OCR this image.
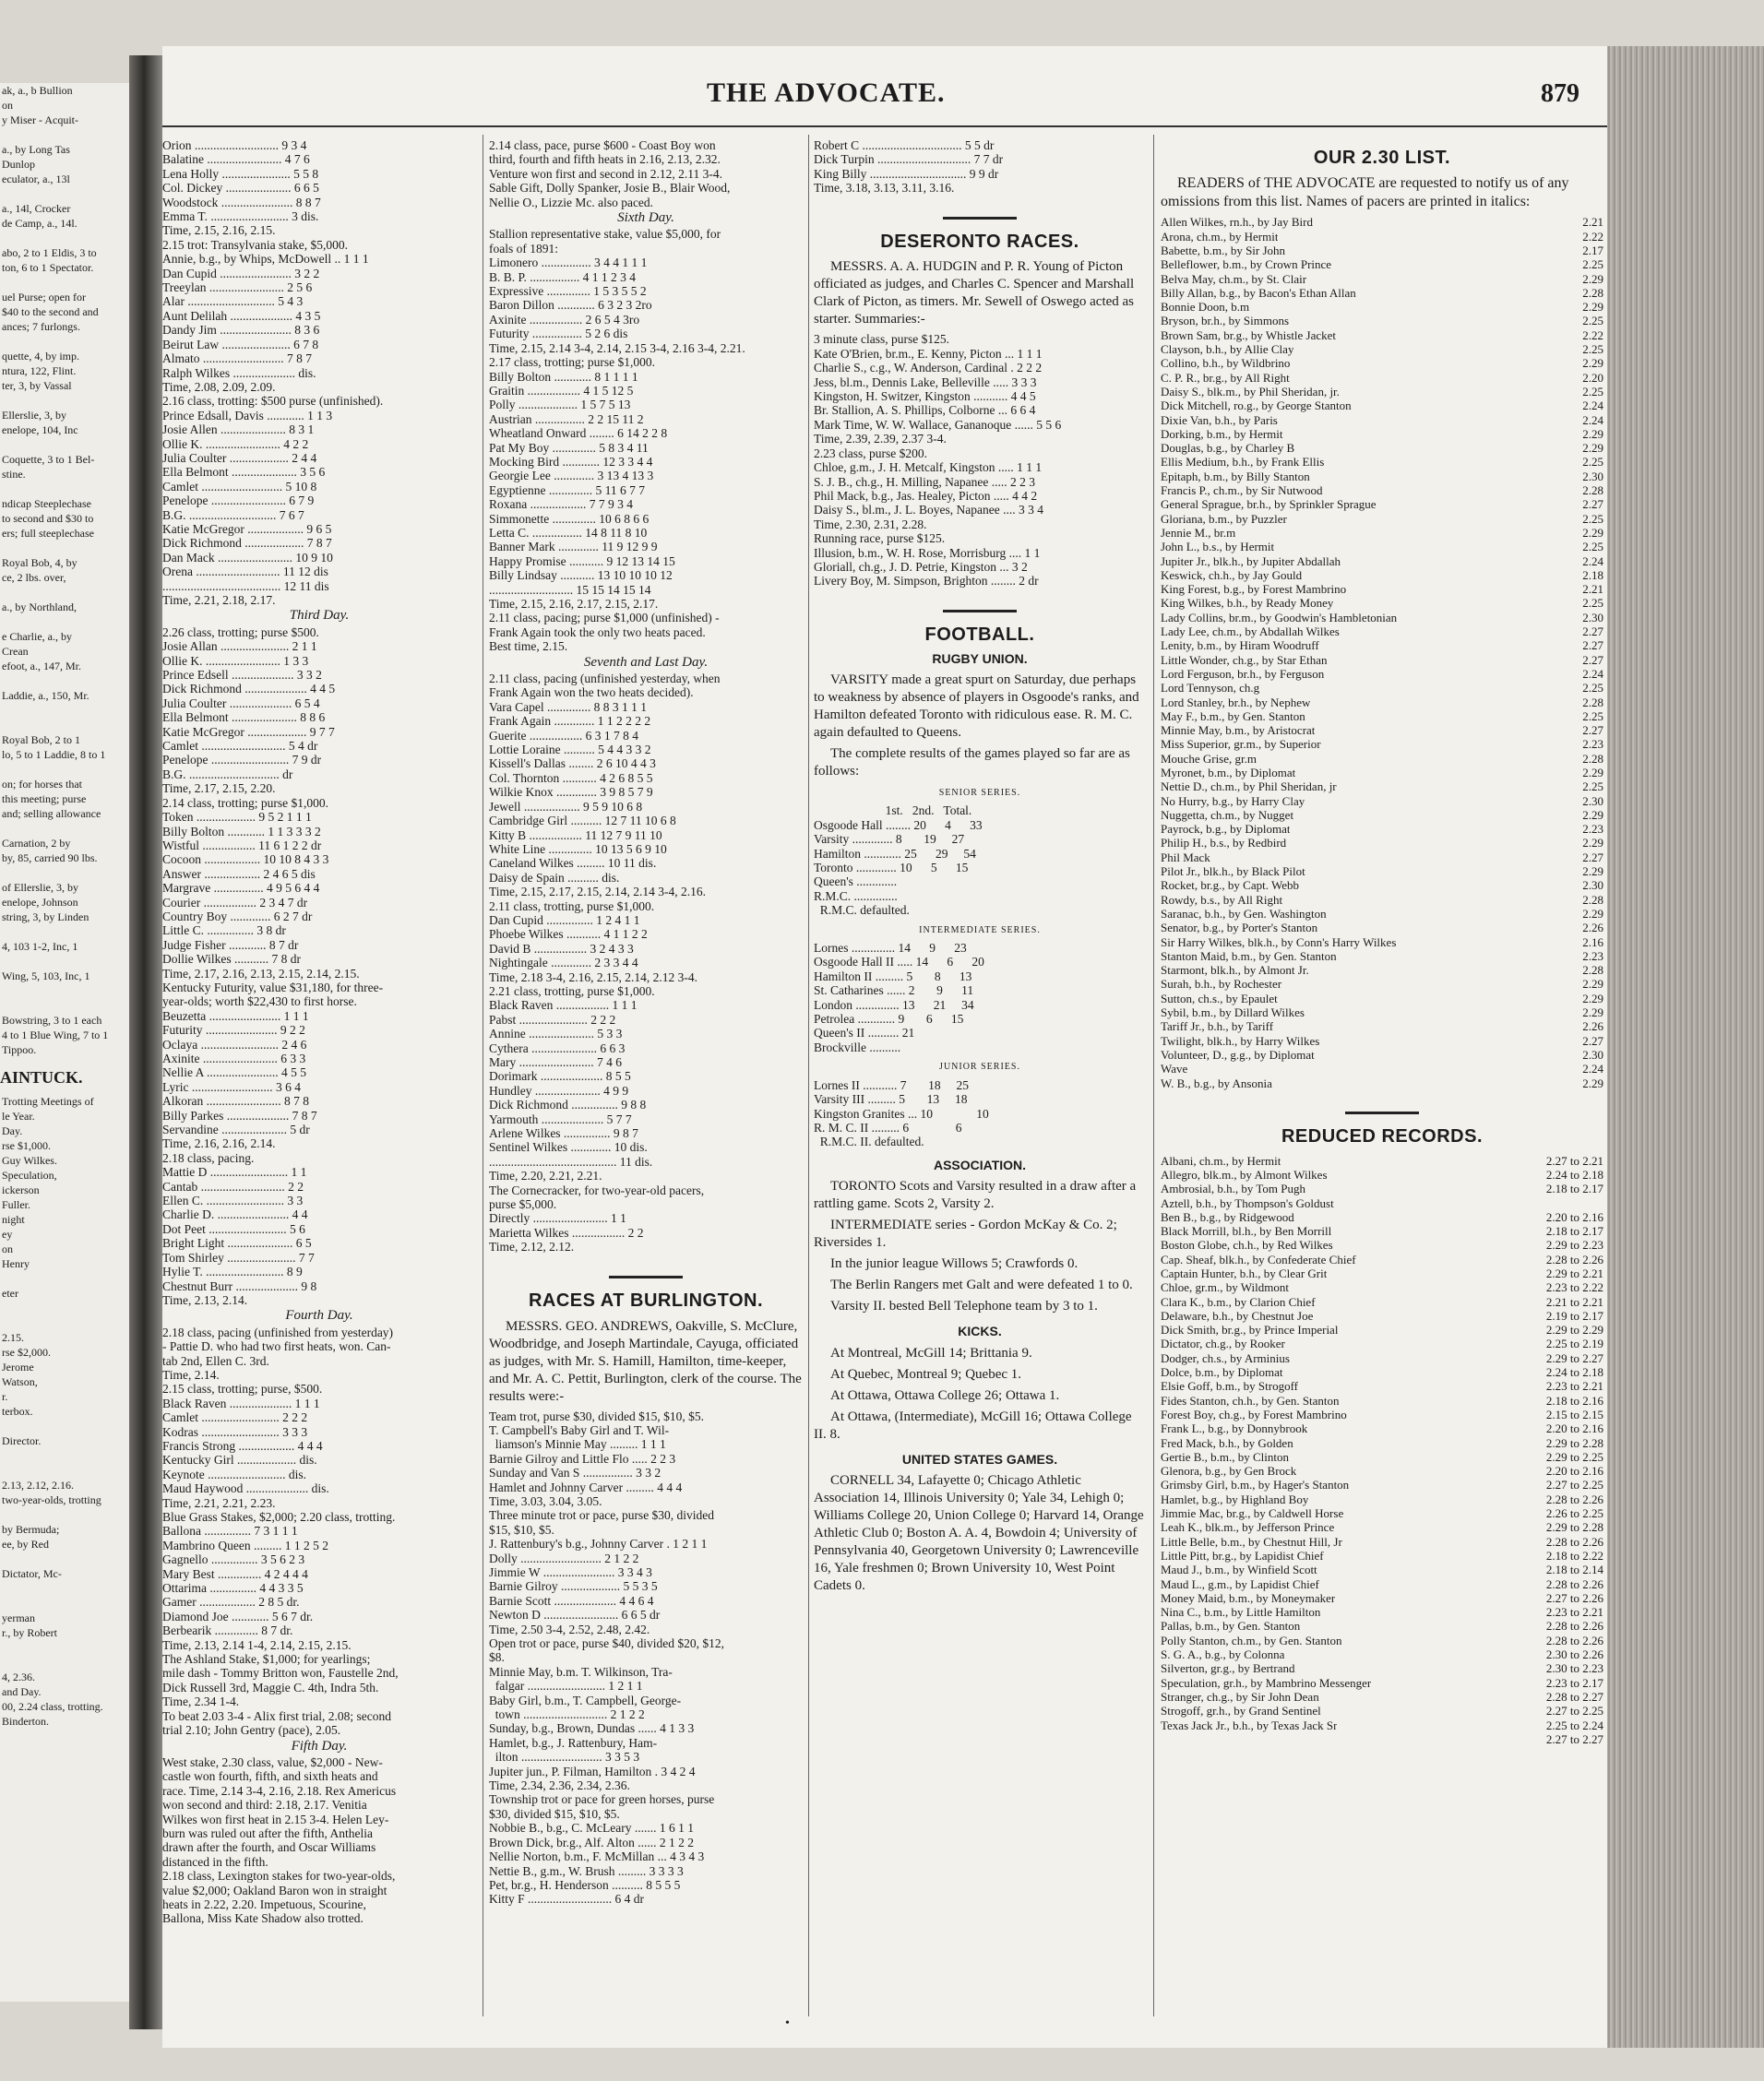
ak, a., b Bullion
on
y Miser - Acquit-

a., by Long Tas
Dunlop
eculator, a., 13l

a., 14l, Crocker
de Camp, a., 14l.

abo, 2 to 1 Eldis, 3 to
ton, 6 to 1 Spectator.

uel Purse; open for
$40 to the second and
ances; 7 furlongs.

quette, 4, by imp.
ntura, 122, Flint.
ter, 3, by Vassal

Ellerslie, 3, by
enelope, 104, Inc

Coquette, 3 to 1 Bel-
stine.

ndicap Steeplechase
to second and $30 to
ers; full steeplechase

Royal Bob, 4, by
ce, 2 lbs. over,

a., by Northland,

e Charlie, a., by
Crean
efoot, a., 147, Mr.

Laddie, a., 150, Mr.

Royal Bob, 2 to 1
lo, 5 to 1 Laddie, 8 to 1

on; for horses that
this meeting; purse
and; selling allowance

Carnation, 2 by
by, 85, carried 90 lbs.

of Ellerslie, 3, by
enelope, Johnson
string, 3, by Linden

4, 103 1-2, Inc, 1

Wing, 5, 103, Inc, 1

Bowstring, 3 to 1 each
4 to 1 Blue Wing, 7 to 1
Tippoo.
AINTUCK.
Trotting Meetings of
le Year.
Day.
rse $1,000.
Guy Wilkes.
Speculation,
ickerson
Fuller.
night
ey
on
Henry

eter

2.15.
rse $2,000.
Jerome
Watson,
r.
terbox.

Director.

2.13, 2.12, 2.16.
two-year-olds, trotting

by Bermuda;
ee, by Red

Dictator, Mc-

yerman
r., by Robert

4, 2.36.
and Day.
00, 2.24 class, trotting.
Binderton.
THE ADVOCATE.	879
Orion ........................... 9 3 4
Balatine ........................ 4 7 6
Lena Holly ...................... 5 5 8
Col. Dickey ..................... 6 6 5
Woodstock ....................... 8 8 7
Emma T. ......................... 3 dis.
Time, 2.15, 2.16, 2.15.
2.15 trot: Transylvania stake, $5,000.
Annie, b.g., by Whips, McDowell .. 1 1 1
Dan Cupid ....................... 3 2 2
Treeylan ........................ 2 5 6
Alar ............................ 5 4 3
Aunt Delilah .................... 4 3 5
Dandy Jim ....................... 8 3 6
Beirut Law ...................... 6 7 8
Almato .......................... 7 8 7
Ralph Wilkes .................... dis.
Time, 2.08, 2.09, 2.09.
2.16 class, trotting: $500 purse (unfinished).
Prince Edsall, Davis ............ 1 1 3
Josie Allen ..................... 8 3 1
Ollie K. ........................ 4 2 2
Julia Coulter ................... 2 4 4
Ella Belmont ..................... 3 5 6
Camlet .......................... 5 10 8
Penelope ........................ 6 7 9
B.G. ............................ 7 6 7
Katie McGregor .................. 9 6 5
Dick Richmond ................... 7 8 7
Dan Mack ........................ 10 9 10
Orena ........................... 11 12 dis
...................................... 12 11 dis
Time, 2.21, 2.18, 2.17.
Third Day.
2.26 class, trotting; purse $500.
Josie Allan ...................... 2 1 1
Ollie K. ........................ 1 3 3
Prince Edsell .................... 3 3 2
Dick Richmond .................... 4 4 5
Julia Coulter .................... 6 5 4
Ella Belmont ..................... 8 8 6
Katie McGregor ................... 9 7 7
Camlet ........................... 5 4 dr
Penelope ......................... 7 9 dr
B.G. ............................. dr
Time, 2.17, 2.15, 2.20.
2.14 class, trotting; purse $1,000.
Token ................... 9 5 2 1 1 1
Billy Bolton ............ 1 1 3 3 3 2
Wistful ................. 11 6 1 2 2 dr
Cocoon .................. 10 10 8 4 3 3
Answer .................. 2 4 6 5 dis
Margrave ................ 4 9 5 6 4 4
Courier ................. 2 3 4 7 dr
Country Boy ............. 6 2 7 dr
Little C. ............... 3 8 dr
Judge Fisher ............ 8 7 dr
Dollie Wilkes ........... 7 8 dr
Time, 2.17, 2.16, 2.13, 2.15, 2.14, 2.15.
Kentucky Futurity, value $31,180, for three-
year-olds; worth $22,430 to first horse.
Beuzetta ....................... 1 1 1
Futurity ....................... 9 2 2
Oclaya ......................... 2 4 6
Axinite ........................ 6 3 3
Nellie A ....................... 4 5 5
Lyric .......................... 3 6 4
Alkoran ........................ 8 7 8
Billy Parkes .................... 7 8 7
Servandine ..................... 5 dr
Time, 2.16, 2.16, 2.14.
2.18 class, pacing.
Mattie D ......................... 1 1
Cantab ........................... 2 2
Ellen C. ......................... 3 3
Charlie D. ....................... 4 4
Dot Peet ......................... 5 6
Bright Light ..................... 6 5
Tom Shirley ...................... 7 7
Hylie T. ......................... 8 9
Chestnut Burr .................... 9 8
Time, 2.13, 2.14.
Fourth Day.
2.18 class, pacing (unfinished from yesterday)
- Pattie D. who had two first heats, won. Can-
tab 2nd, Ellen C. 3rd.
Time, 2.14.
2.15 class, trotting; purse, $500.
Black Raven .................... 1 1 1
Camlet ......................... 2 2 2
Kodras ......................... 3 3 3
Francis Strong .................. 4 4 4
Kentucky Girl ................... dis.
Keynote ......................... dis.
Maud Haywood .................... dis.
Time, 2.21, 2.21, 2.23.
Blue Grass Stakes, $2,000; 2.20 class, trotting.
Ballona ............... 7 3 1 1 1
Mambrino Queen ......... 1 1 2 5 2
Gagnello ............... 3 5 6 2 3
Mary Best .............. 4 2 4 4 4
Ottarima ............... 4 4 3 3 5
Gamer .................. 2 8 5 dr.
Diamond Joe ............ 5 6 7 dr.
Berbearik .............. 8 7 dr.
Time, 2.13, 2.14 1-4, 2.14, 2.15, 2.15.
The Ashland Stake, $1,000; for yearlings;
mile dash - Tommy Britton won, Faustelle 2nd,
Dick Russell 3rd, Maggie C. 4th, Indra 5th.
Time, 2.34 1-4.
To beat 2.03 3-4 - Alix first trial, 2.08; second
trial 2.10; John Gentry (pace), 2.05.
Fifth Day.
West stake, 2.30 class, value, $2,000 - New-
castle won fourth, fifth, and sixth heats and
race. Time, 2.14 3-4, 2.16, 2.18. Rex Americus
won second and third: 2.18, 2.17. Venitia
Wilkes won first heat in 2.15 3-4. Helen Ley-
burn was ruled out after the fifth, Anthelia
drawn after the fourth, and Oscar Williams
distanced in the fifth.
2.18 class, Lexington stakes for two-year-olds,
value $2,000; Oakland Baron won in straight
heats in 2.22, 2.20. Impetuous, Scourine,
Ballona, Miss Kate Shadow also trotted.
2.14 class, pace, purse $600 - Coast Boy won
third, fourth and fifth heats in 2.16, 2.13, 2.32.
Venture won first and second in 2.12, 2.11 3-4.
Sable Gift, Dolly Spanker, Josie B., Blair Wood,
Nellie O., Lizzie Mc. also paced.
Sixth Day.
Stallion representative stake, value $5,000, for
foals of 1891:
Limonero ................ 3 4 4 1 1 1
B. B. P. ................ 4 1 1 2 3 4
Expressive .............. 1 5 3 5 5 2
Baron Dillon ............ 6 3 2 3 2ro
Axinite ................. 2 6 5 4 3ro
Futurity ................ 5 2 6 dis
Time, 2.15, 2.14 3-4, 2.14, 2.15 3-4, 2.16 3-4, 2.21.
2.17 class, trotting; purse $1,000.
Billy Bolton ............ 8 1 1 1 1
Graitin ................. 4 1 5 12 5
Polly ................... 1 5 7 5 13
Austrian ................ 2 2 15 11 2
Wheatland Onward ........ 6 14 2 2 8
Pat My Boy .............. 5 8 3 4 11
Mocking Bird ............ 12 3 3 4 4
Georgie Lee ............. 3 13 4 13 3
Egyptienne .............. 5 11 6 7 7
Roxana .................. 7 7 9 3 4
Simmonette .............. 10 6 8 6 6
Letta C. ................ 14 8 11 8 10
Banner Mark ............. 11 9 12 9 9
Happy Promise ........... 9 12 13 14 15
Billy Lindsay ........... 13 10 10 10 12
........................... 15 15 14 15 14
Time, 2.15, 2.16, 2.17, 2.15, 2.17.
2.11 class, pacing; purse $1,000 (unfinished) -
Frank Again took the only two heats paced.
Best time, 2.15.
Seventh and Last Day.
2.11 class, pacing (unfinished yesterday, when
Frank Again won the two heats decided).
Vara Capel .............. 8 8 3 1 1 1
Frank Again ............. 1 1 2 2 2 2
Guerite ................. 6 3 1 7 8 4
Lottie Loraine .......... 5 4 4 3 3 2
Kissell's Dallas ........ 2 6 10 4 4 3
Col. Thornton ........... 4 2 6 8 5 5
Wilkie Knox ............. 3 9 8 5 7 9
Jewell .................. 9 5 9 10 6 8
Cambridge Girl .......... 12 7 11 10 6 8
Kitty B ................. 11 12 7 9 11 10
White Line .............. 10 13 5 6 9 10
Caneland Wilkes ......... 10 11 dis.
Daisy de Spain .......... dis.
Time, 2.15, 2.17, 2.15, 2.14, 2.14 3-4, 2.16.
2.11 class, trotting, purse $1,000.
Dan Cupid ............... 1 2 4 1 1
Phoebe Wilkes ........... 4 1 1 2 2
David B ................. 3 2 4 3 3
Nightingale ............. 2 3 3 4 4
Time, 2.18 3-4, 2.16, 2.15, 2.14, 2.12 3-4.
2.21 class, trotting, purse $1,000.
Black Raven ................. 1 1 1
Pabst ...................... 2 2 2
Annine ..................... 5 3 3
Cythera ..................... 6 6 3
Mary ........................ 7 4 6
Dorimark .................... 8 5 5
Hundley ..................... 4 9 9
Dick Richmond ............... 9 8 8
Yarmouth .................... 5 7 7
Arlene Wilkes ............... 9 8 7
Sentinel Wilkes ............. 10 dis.
......................................... 11 dis.
Time, 2.20, 2.21, 2.21.
The Cornecracker, for two-year-old pacers,
purse $5,000.
Directly ........................ 1 1
Marietta Wilkes ................. 2 2
Time, 2.12, 2.12.
RACES AT BURLINGTON.
MESSRS. GEO. ANDREWS, Oakville, S. McClure, Woodbridge, and Joseph Martindale, Cayuga, officiated as judges, with Mr. S. Hamill, Hamilton, time-keeper, and Mr. A. C. Pettit, Burlington, clerk of the course. The results were:-
Team trot, purse $30, divided $15, $10, $5.
T. Campbell's Baby Girl and T. Wil-
liamson's Minnie May ......... 1 1 1
Barnie Gilroy and Little Flo ..... 2 2 3
Sunday and Van S ................ 3 3 2
Hamlet and Johnny Carver ......... 4 4 4
Time, 3.03, 3.04, 3.05.
Three minute trot or pace, purse $30, divided
$15, $10, $5.
J. Rattenbury's b.g., Johnny Carver . 1 2 1 1
Dolly .......................... 2 1 2 2
Jimmie W ....................... 3 3 4 3
Barnie Gilroy ................... 5 5 3 5
Barnie Scott .................... 4 4 6 4
Newton D ........................ 6 6 5 dr
Time, 2.50 3-4, 2.52, 2.48, 2.42.
Open trot or pace, purse $40, divided $20, $12,
$8.
Minnie May, b.m. T. Wilkinson, Tra-
falgar ......................... 1 2 1 1
Baby Girl, b.m., T. Campbell, George-
town ........................... 2 1 2 2
Sunday, b.g., Brown, Dundas ...... 4 1 3 3
Hamlet, b.g., J. Rattenbury, Ham-
ilton .......................... 3 3 5 3
Jupiter jun., P. Filman, Hamilton . 3 4 2 4
Time, 2.34, 2.36, 2.34, 2.36.
Township trot or pace for green horses, purse
$30, divided $15, $10, $5.
Nobbie B., b.g., C. McLeary ....... 1 6 1 1
Brown Dick, br.g., Alf. Alton ...... 2 1 2 2
Nellie Norton, b.m., F. McMillan ... 4 3 4 3
Nettie B., g.m., W. Brush ......... 3 3 3 3
Pet, br.g., H. Henderson .......... 8 5 5 5
Kitty F ........................... 6 4 dr
Robert C ................................ 5 5 dr
Dick Turpin .............................. 7 7 dr
King Billy ............................... 9 9 dr
Time, 3.18, 3.13, 3.11, 3.16.
DESERONTO RACES.
MESSRS. A. A. HUDGIN and P. R. Young of Picton officiated as judges, and Charles C. Spencer and Marshall Clark of Picton, as timers. Mr. Sewell of Oswego acted as starter. Summaries:-
3 minute class, purse $125.
Kate O'Brien, br.m., E. Kenny, Picton ... 1 1 1
Charlie S., c.g., W. Anderson, Cardinal . 2 2 2
Jess, bl.m., Dennis Lake, Belleville ..... 3 3 3
Kingston, H. Switzer, Kingston ........... 4 4 5
Br. Stallion, A. S. Phillips, Colborne ... 6 6 4
Mark Time, W. W. Wallace, Gananoque ...... 5 5 6
Time, 2.39, 2.39, 2.37 3-4.
2.23 class, purse $200.
Chloe, g.m., J. H. Metcalf, Kingston ..... 1 1 1
S. J. B., ch.g., H. Milling, Napanee ..... 2 2 3
Phil Mack, b.g., Jas. Healey, Picton ..... 4 4 2
Daisy S., bl.m., J. L. Boyes, Napanee .... 3 3 4
Time, 2.30, 2.31, 2.28.
Running race, purse $125.
Illusion, b.m., W. H. Rose, Morrisburg .... 1 1
Gloriall, ch.g., J. D. Petrie, Kingston ... 3 2
Livery Boy, M. Simpson, Brighton ........ 2 dr
FOOTBALL.
RUGBY UNION.
VARSITY made a great spurt on Saturday, due perhaps to weakness by absence of players in Osgoode's ranks, and Hamilton defeated Toronto with ridiculous ease. R. M. C. again defaulted to Queens.
The complete results of the games played so far are as follows:
SENIOR SERIES.
1st.   2nd.   Total.
Osgoode Hall ........ 20      4      33
Varsity ............. 8       19     27
Hamilton ............ 25      29     54
Toronto ............. 10      5      15
Queen's .............
R.M.C. ..............
R.M.C. defaulted.
INTERMEDIATE SERIES.
Lornes .............. 14      9      23
Osgoode Hall II ..... 14      6      20
Hamilton II ......... 5       8      13
St. Catharines ...... 2       9      11
London .............. 13      21     34
Petrolea ............ 9       6      15
Queen's II .......... 21
Brockville ..........
JUNIOR SERIES.
Lornes II ........... 7       18     25
Varsity III ......... 5       13     18
Kingston Granites ... 10              10
R. M. C. II ......... 6               6
R.M.C. II. defaulted.
ASSOCIATION.
TORONTO Scots and Varsity resulted in a draw after a rattling game. Scots 2, Varsity 2.
INTERMEDIATE series - Gordon McKay & Co. 2; Riversides 1.
In the junior league Willows 5; Crawfords 0.
The Berlin Rangers met Galt and were defeated 1 to 0.
Varsity II. bested Bell Telephone team by 3 to 1.
KICKS.
At Montreal, McGill 14; Brittania 9.
At Quebec, Montreal 9; Quebec 1.
At Ottawa, Ottawa College 26; Ottawa 1.
At Ottawa, (Intermediate), McGill 16; Ottawa College II. 8.
UNITED STATES GAMES.
CORNELL 34, Lafayette 0; Chicago Athletic Association 14, Illinois University 0; Yale 34, Lehigh 0; Williams College 20, Union College 0; Harvard 14, Orange Athletic Club 0; Boston A. A. 4, Bowdoin 4; University of Pennsylvania 40, Georgetown University 0; Lawrenceville 16, Yale freshmen 0; Brown University 10, West Point Cadets 0.
OUR 2.30 LIST.
READERS of THE ADVOCATE are requested to notify us of any omissions from this list. Names of pacers are printed in italics:
Allen Wilkes, rn.h., by Jay Bird	2.21
Arona, ch.m., by Hermit	2.22
Babette, b.m., by Sir John	2.17
Belleflower, b.m., by Crown Prince	2.25
Belva May, ch.m., by St. Clair	2.29
Billy Allan, b.g., by Bacon's Ethan Allan	2.28
Bonnie Doon, b.m	2.29
Bryson, br.h., by Simmons	2.25
Brown Sam, br.g., by Whistle Jacket	2.22
Clayson, b.h., by Allie Clay	2.25
Collino, b.h., by Wildbrino	2.29
C. P. R., br.g., by All Right	2.20
Daisy S., blk.m., by Phil Sheridan, jr.	2.25
Dick Mitchell, ro.g., by George Stanton	2.24
Dixie Van, b.h., by Paris	2.24
Dorking, b.m., by Hermit	2.29
Douglas, b.g., by Charley B	2.29
Ellis Medium, b.h., by Frank Ellis	2.25
Epitaph, b.m., by Billy Stanton	2.30
Francis P., ch.m., by Sir Nutwood	2.28
General Sprague, br.h., by Sprinkler Sprague	2.27
Gloriana, b.m., by Puzzler	2.25
Jennie M., br.m	2.29
John L., b.s., by Hermit	2.25
Jupiter Jr., blk.h., by Jupiter Abdallah	2.24
Keswick, ch.h., by Jay Gould	2.18
King Forest, b.g., by Forest Mambrino	2.21
King Wilkes, b.h., by Ready Money	2.25
Lady Collins, br.m., by Goodwin's Hambletonian	2.30
Lady Lee, ch.m., by Abdallah Wilkes	2.27
Lenity, b.m., by Hiram Woodruff	2.27
Little Wonder, ch.g., by Star Ethan	2.27
Lord Ferguson, br.h., by Ferguson	2.24
Lord Tennyson, ch.g	2.25
Lord Stanley, br.h., by Nephew	2.28
May F., b.m., by Gen. Stanton	2.25
Minnie May, b.m., by Aristocrat	2.27
Miss Superior, gr.m., by Superior	2.23
Mouche Grise, gr.m	2.28
Myronet, b.m., by Diplomat	2.29
Nettie D., ch.m., by Phil Sheridan, jr	2.25
No Hurry, b.g., by Harry Clay	2.30
Nuggetta, ch.m., by Nugget	2.29
Payrock, b.g., by Diplomat	2.23
Philip H., b.s., by Redbird	2.29
Phil Mack	2.27
Pilot Jr., blk.h., by Black Pilot	2.29
Rocket, br.g., by Capt. Webb	2.30
Rowdy, b.s., by All Right	2.28
Saranac, b.h., by Gen. Washington	2.29
Senator, b.g., by Porter's Stanton	2.26
Sir Harry Wilkes, blk.h., by Conn's Harry Wilkes	2.16
Stanton Maid, b.m., by Gen. Stanton	2.23
Starmont, blk.h., by Almont Jr.	2.28
Surah, b.h., by Rochester	2.29
Sutton, ch.s., by Epaulet	2.29
Sybil, b.m., by Dillard Wilkes	2.29
Tariff Jr., b.h., by Tariff	2.26
Twilight, blk.h., by Harry Wilkes	2.27
Volunteer, D., g.g., by Diplomat	2.30
Wave	2.24
W. B., b.g., by Ansonia	2.29
REDUCED RECORDS.
Albani, ch.m., by Hermit	2.27 to 2.21
Allegro, blk.m., by Almont Wilkes	2.24 to 2.18
Ambrosial, b.h., by Tom Pugh	2.18 to 2.17
Aztell, b.h., by Thompson's Goldust
Ben B., b.g., by Ridgewood	2.20 to 2.16
Black Morrill, bl.h., by Ben Morrill	2.18 to 2.17
Boston Globe, ch.h., by Red Wilkes	2.29 to 2.23
Cap. Sheaf, blk.h., by Confederate Chief	2.28 to 2.26
Captain Hunter, b.h., by Clear Grit	2.29 to 2.21
Chloe, gr.m., by Wildmont	2.23 to 2.22
Clara K., b.m., by Clarion Chief	2.21 to 2.21
Delaware, b.h., by Chestnut Joe	2.19 to 2.17
Dick Smith, br.g., by Prince Imperial	2.29 to 2.29
Dictator, ch.g., by Rooker	2.25 to 2.19
Dodger, ch.s., by Arminius	2.29 to 2.27
Dolce, b.m., by Diplomat	2.24 to 2.18
Elsie Goff, b.m., by Strogoff	2.23 to 2.21
Fides Stanton, ch.h., by Gen. Stanton	2.18 to 2.16
Forest Boy, ch.g., by Forest Mambrino	2.15 to 2.15
Frank L., b.g., by Donnybrook	2.20 to 2.16
Fred Mack, b.h., by Golden	2.29 to 2.28
Gertie B., b.m., by Clinton	2.29 to 2.25
Glenora, b.g., by Gen Brock	2.20 to 2.16
Grimsby Girl, b.m., by Hager's Stanton	2.27 to 2.25
Hamlet, b.g., by Highland Boy	2.28 to 2.26
Jimmie Mac, br.g., by Caldwell Horse	2.26 to 2.25
Leah K., blk.m., by Jefferson Prince	2.29 to 2.28
Little Belle, b.m., by Chestnut Hill, Jr	2.28 to 2.26
Little Pitt, br.g., by Lapidist Chief	2.18 to 2.22
Maud J., b.m., by Winfield Scott	2.18 to 2.14
Maud L., g.m., by Lapidist Chief	2.28 to 2.26
Money Maid, b.m., by Moneymaker	2.27 to 2.26
Nina C., b.m., by Little Hamilton	2.23 to 2.21
Pallas, b.m., by Gen. Stanton	2.28 to 2.26
Polly Stanton, ch.m., by Gen. Stanton	2.28 to 2.26
S. G. A., b.g., by Colonna	2.30 to 2.26
Silverton, gr.g., by Bertrand	2.30 to 2.23
Speculation, gr.h., by Mambrino Messenger	2.23 to 2.17
Stranger, ch.g., by Sir John Dean	2.28 to 2.27
Strogoff, gr.h., by Grand Sentinel	2.27 to 2.25
Texas Jack Jr., b.h., by Texas Jack Sr	2.25 to 2.24
2.27 to 2.27
•
